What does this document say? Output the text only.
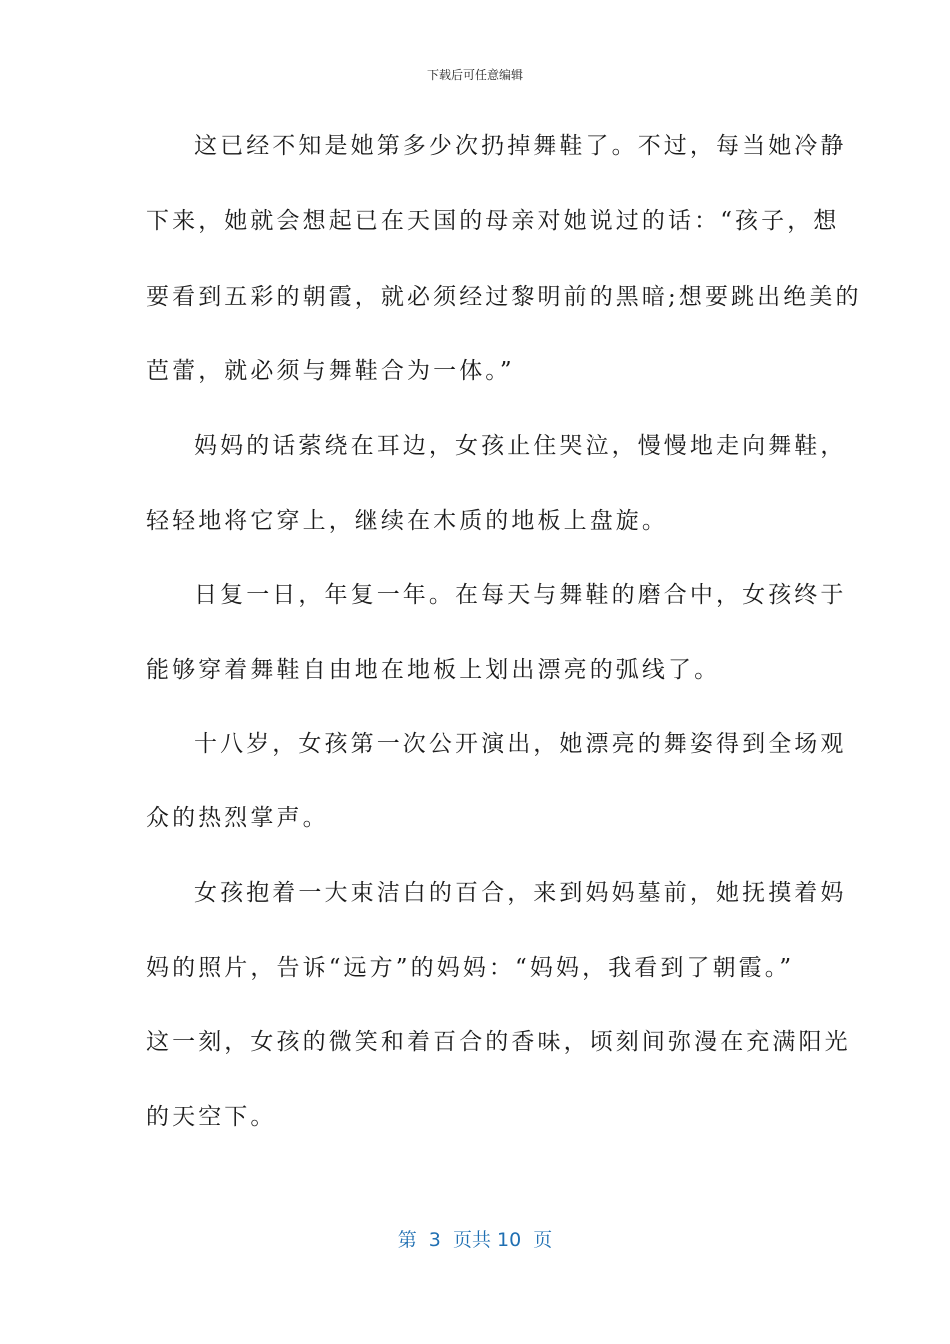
下载后可任意编辑
这已经不知是她第多少次扔掉舞鞋了。不过，每当她冷静
下来，她就会想起已在天国的母亲对她说过的话：“孩子，想
要看到五彩的朝霞，就必须经过黎明前的黑暗;想要跳出绝美的
芭蕾，就必须与舞鞋合为一体。”
妈妈的话萦绕在耳边，女孩止住哭泣，慢慢地走向舞鞋，
轻轻地将它穿上，继续在木质的地板上盘旋。
日复一日，年复一年。在每天与舞鞋的磨合中，女孩终于
能够穿着舞鞋自由地在地板上划出漂亮的弧线了。
十八岁，女孩第一次公开演出，她漂亮的舞姿得到全场观
众的热烈掌声。
女孩抱着一大束洁白的百合，来到妈妈墓前，她抚摸着妈
妈的照片，告诉“远方”的妈妈：“妈妈，我看到了朝霞。”
这一刻，女孩的微笑和着百合的香味，顷刻间弥漫在充满阳光
的天空下。
第  3  页共 10  页
